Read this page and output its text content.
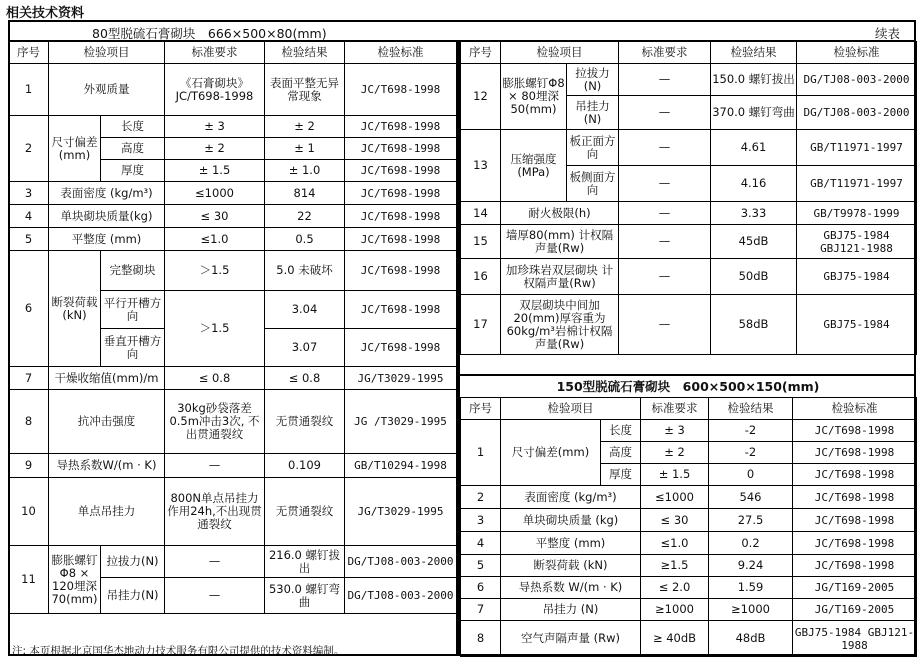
相关技术资料
80型脱硫石膏砌块　666×500×80(mm)	续表
序号	检验项目		标准要求	检验结果	检验标准
1	外观质量		《石膏砌块》 JC/T698-1998	表面平整无异常现象	JC/T698-1998
2	尺寸偏差(mm)	长度	± 3	± 2	JC/T698-1998
		高度	± 2	± 1	JC/T698-1998
		厚度	± 1.5	± 1.0	JC/T698-1998
3	表面密度 (kg/m³)		≤1000	814	JC/T698-1998
4	单块砌块质量(kg)		≤ 30	22	JC/T698-1998
5	平整度 (mm)		≤1.0	0.5	JC/T698-1998
6	断裂荷载(kN)	完整砌块	＞1.5	5.0 未破坏	JC/T698-1998
		平行开槽方向	＞1.5	3.04	JC/T698-1998
		垂直开槽方向		3.07	JC/T698-1998
7	干燥收缩值(mm)/m		≤ 0.8	≤ 0.8	JG/T3029-1995
8	抗冲击强度		30kg砂袋落差0.5m冲击3次, 不出贯通裂纹	无贯通裂纹	JG /T3029-1995
9	导热系数W/(m · K)		—	0.109	GB/T10294-1998
10	单点吊挂力		800N单点吊挂力作用24h,不出现贯通裂纹	无贯通裂纹	JG/T3029-1995
11	膨胀螺钉Φ8 × 120埋深70(mm)	拉拔力(N)	—	216.0 螺钉拔出	DG/TJ08-003-2000
		吊挂力(N)	—	530.0 螺钉弯曲	DG/TJ08-003-2000
序号	检验项目		标准要求	检验结果	检验标准
12	膨胀螺钉Φ8 × 80埋深50(mm)	拉拔力(N)	—	150.0 螺钉拔出	DG/TJ08-003-2000
		吊挂力(N)	—	370.0 螺钉弯曲	DG/TJ08-003-2000
13	压缩强度(MPa)	板正面方向	—	4.61	GB/T11971-1997
		板侧面方向	—	4.16	GB/T11971-1997
14	耐火极限(h)		—	3.33	GB/T9978-1999
15	墙厚80(mm) 计权隔声量(Rw)		—	45dB	GBJ75-1984 GBJ121-1988
16	加珍珠岩双层砌块 计权隔声量(Rw)		—	50dB	GBJ75-1984
17	双层砌块中间加20(mm)厚容重为60kg/m³岩棉计权隔声量(Rw)		—	58dB	GBJ75-1984
150型脱硫石膏砌块　600×500×150(mm)
序号	检验项目		标准要求	检验结果	检验标准
1	尺寸偏差(mm)	长度	± 3	-2	JC/T698-1998
		高度	± 2	-2	JC/T698-1998
		厚度	± 1.5	0	JC/T698-1998
2	表面密度 (kg/m³)		≤1000	546	JC/T698-1998
3	单块砌块质量 (kg)		≤ 30	27.5	JC/T698-1998
4	平整度 (mm)		≤1.0	0.2	JC/T698-1998
5	断裂荷载 (kN)		≥1.5	9.24	JC/T698-1998
6	导热系数 W/(m · K)		≤ 2.0	1.59	JG/T169-2005
7	吊挂力 (N)		≥1000	≥1000	JG/T169-2005
8	空气声隔声量 (Rw)		≥ 40dB	48dB	GBJ75-1984 GBJ121-1988
注: 本页根据北京国华杰地动力技术服务有限公司提供的技术资料编制。
